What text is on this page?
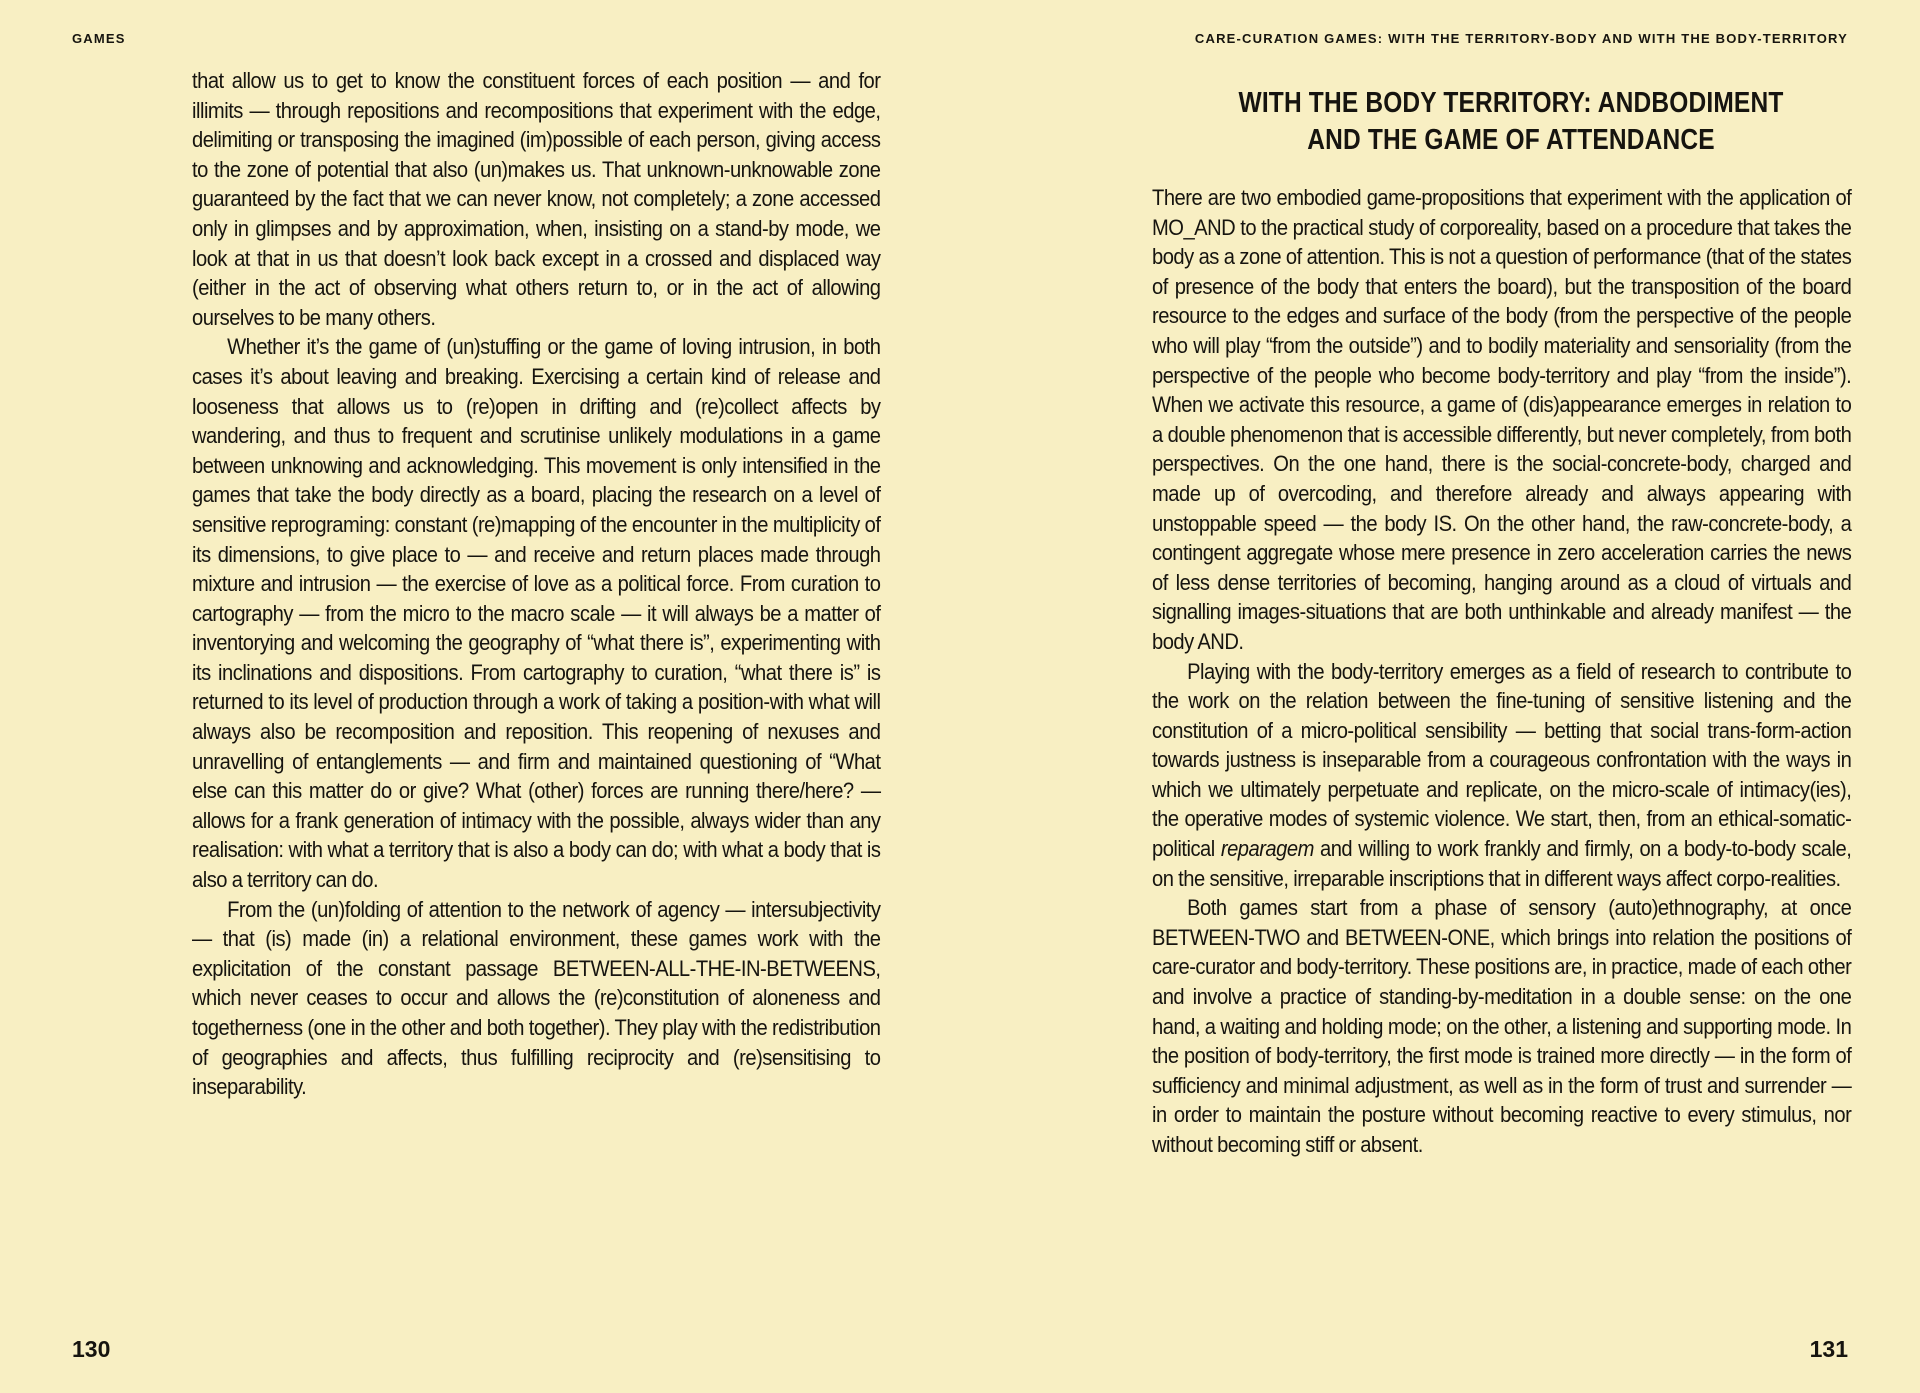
GAMES

that allow us to get to know the constituent forces of each position — and for illimits — through repositions and recompositions that experiment with the edge, delimiting or transposing the imagined (im)possible of each person, giving access to the zone of potential that also (un)makes us. That unknown-unknowable zone guaranteed by the fact that we can never know, not completely; a zone accessed only in glimpses and by approximation, when, insisting on a stand-by mode, we look at that in us that doesn’t look back except in a crossed and displaced way (either in the act of observing what others return to, or in the act of allowing ourselves to be many others.

Whether it’s the game of (un)stuffing or the game of loving intrusion, in both cases it’s about leaving and breaking. Exercising a certain kind of release and looseness that allows us to (re)open in drifting and (re)collect affects by wandering, and thus to frequent and scrutinise unlikely modulations in a game between unknowing and acknowledging. This movement is only intensified in the games that take the body directly as a board, placing the research on a level of sensitive reprograming: constant (re)mapping of the encounter in the multiplicity of its dimensions, to give place to — and receive and return places made through mixture and intrusion — the exercise of love as a political force. From curation to cartography — from the micro to the macro scale — it will always be a matter of inventorying and welcoming the geography of “what there is”, experimenting with its inclinations and dispositions. From cartography to curation, “what there is” is returned to its level of production through a work of taking a position-with what will always also be recomposition and reposition. This reopening of nexuses and unravelling of entanglements — and firm and maintained questioning of “What else can this matter do or give? What (other) forces are running there/here? — allows for a frank generation of intimacy with the possible, always wider than any realisation: with what a territory that is also a body can do; with what a body that is also a territory can do.

From the (un)folding of attention to the network of agency — intersubjectivity — that (is) made (in) a relational environment, these games work with the explicitation of the constant passage BETWEEN-ALL-THE-IN-BETWEENS, which never ceases to occur and allows the (re)constitution of aloneness and togetherness (one in the other and both together). They play with the redistribution of geographies and affects, thus fulfilling reciprocity and (re)sensitising to inseparability.

130
CARE-CURATION GAMES: WITH THE TERRITORY-BODY AND WITH THE BODY-TERRITORY
WITH THE BODY TERRITORY: ANDBODIMENT
AND THE GAME OF ATTENDANCE

There are two embodied game-propositions that experiment with the application of MO_AND to the practical study of corporeality, based on a procedure that takes the body as a zone of attention. This is not a question of performance (that of the states of presence of the body that enters the board), but the transposition of the board resource to the edges and surface of the body (from the perspective of the people who will play “from the outside”) and to bodily materiality and sensoriality (from the perspective of the people who become body-territory and play “from the inside”). When we activate this resource, a game of (dis)appearance emerges in relation to a double phenomenon that is accessible differently, but never completely, from both perspectives. On the one hand, there is the social-concrete-body, charged and made up of overcoding, and therefore already and always appearing with unstoppable speed — the body IS. On the other hand, the raw-concrete-body, a contingent aggregate whose mere presence in zero acceleration carries the news of less dense territories of becoming, hanging around as a cloud of virtuals and signalling images-situations that are both unthinkable and already manifest — the body AND.

Playing with the body-territory emerges as a field of research to contribute to the work on the relation between the fine-tuning of sensitive listening and the constitution of a micro-political sensibility — betting that social trans-form-action towards justness is inseparable from a courageous confrontation with the ways in which we ultimately perpetuate and replicate, on the micro-scale of intimacy(ies), the operative modes of systemic violence. We start, then, from an ethical-somatic-political reparagem and willing to work frankly and firmly, on a body-to-body scale, on the sensitive, irreparable inscriptions that in different ways affect corpo-realities.

Both games start from a phase of sensory (auto)ethnography, at once BETWEEN-TWO and BETWEEN-ONE, which brings into relation the positions of care-curator and body-territory. These positions are, in practice, made of each other and involve a practice of standing-by-meditation in a double sense: on the one hand, a waiting and holding mode; on the other, a listening and supporting mode. In the position of body-territory, the first mode is trained more directly — in the form of sufficiency and minimal adjustment, as well as in the form of trust and surrender — in order to maintain the posture without becoming reactive to every stimulus, nor without becoming stiff or absent.

131
